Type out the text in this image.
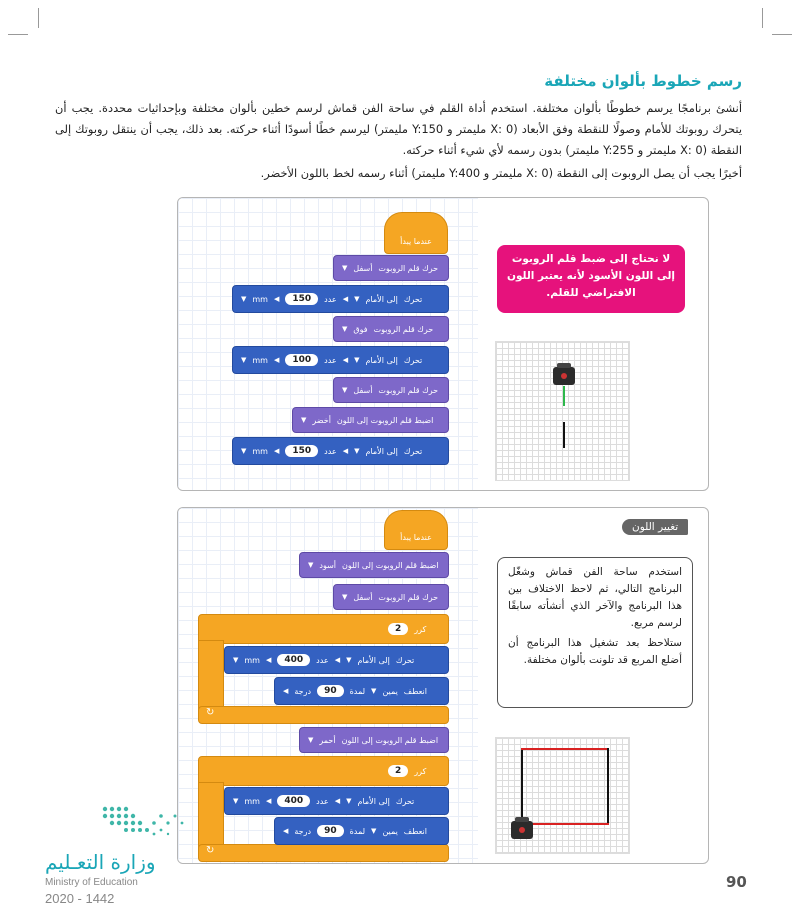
رسم خطوط بألوان مختلفة

أنشئ برنامجًا يرسم خطوطًا بألوان مختلفة. استخدم أداة القلم في ساحة الفن قماش لرسم خطين بألوان مختلفة وبإحداثيات محددة. يجب أن يتحرك روبوتك للأمام وصولًا للنقطة وفق الأبعاد (X: 0 مليمتر و Y:150 مليمتر) ليرسم خطًا أسودًا أثناء حركته. بعد ذلك، يجب أن ينتقل روبوتك إلى النقطة (X: 0 مليمتر و Y:255 مليمتر) بدون رسمه لأي شيء أثناء حركته.

أخيرًا يجب أن يصل الروبوت إلى النقطة (X: 0 مليمتر و Y:400 مليمتر) أثناء رسمه لخط باللون الأخضر.

عندما يبدأ
حرك قلم الروبوت
أسفل
▼
تحرك
إلى الأمام
▼
◀
عدد
150
◀
mm
▼
حرك قلم الروبوت
فوق
▼
تحرك
إلى الأمام
▼
◀
عدد
100
◀
mm
▼
حرك قلم الروبوت
أسفل
▼
اضبط قلم الروبوت إلى اللون
أخضر
▼
تحرك
إلى الأمام
▼
◀
عدد
150
◀
mm
▼
لا نحتاج إلى ضبط قلم الروبوت إلى اللون الأسود لأنه يعتبر اللون الافتراضي للقلم.
تغيير اللون
عندما يبدأ
اضبط قلم الروبوت إلى اللون
أسود
▼
حرك قلم الروبوت
أسفل
▼
↻
كرر
2
تحرك
إلى الأمام
▼
◀
عدد
400
◀
mm
▼
انعطف
يمين
▼
لمدة
90
درجة
◀
اضبط قلم الروبوت إلى اللون
أحمر
▼
↻
كرر
2
تحرك
إلى الأمام
▼
◀
عدد
400
◀
mm
▼
انعطف
يمين
▼
لمدة
90
درجة
◀

استخدم ساحة الفن قماش وشغّل البرنامج التالي، ثم لاحظ الاختلاف بين هذا البرنامج والآخر الذي أنشأته سابقًا لرسم مربع.

ستلاحظ بعد تشغيل هذا البرنامج أن أضلع المربع قد تلونت بألوان مختلفة.

وزارة التعـليم
Ministry of Education
2020 - 1442
90
